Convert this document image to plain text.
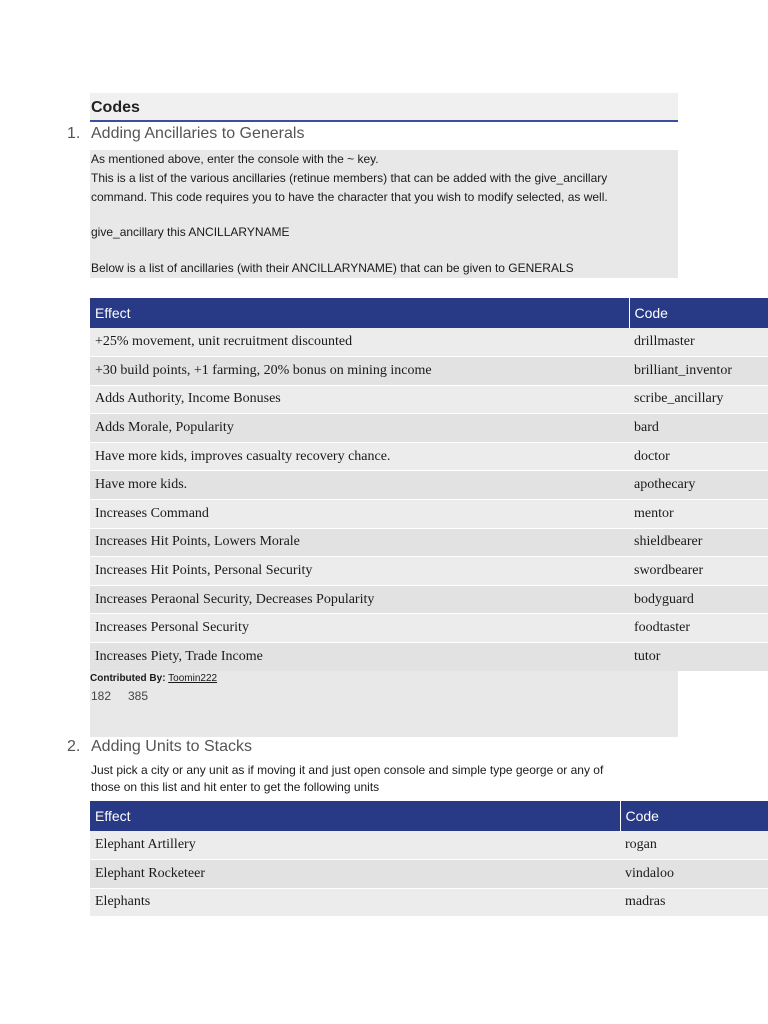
Codes
1. Adding Ancillaries to Generals
As mentioned above, enter the console with the ~ key.
This is a list of the various ancillaries (retinue members) that can be added with the give_ancillary
command. This code requires you to have the character that you wish to modify selected, as well.
give_ancillary this ANCILLARYNAME
Below is a list of ancillaries (with their ANCILLARYNAME) that can be given to GENERALS
Effect	Code
+25% movement, unit recruitment discounted	drillmaster
+30 build points, +1 farming, 20% bonus on mining income	brilliant_inventor
Adds Authority, Income Bonuses	scribe_ancillary
Adds Morale, Popularity	bard
Have more kids, improves casualty recovery chance.	doctor
Have more kids.	apothecary
Increases Command	mentor
Increases Hit Points, Lowers Morale	shieldbearer
Increases Hit Points, Personal Security	swordbearer
Increases Peraonal Security, Decreases Popularity	bodyguard
Increases Personal Security	foodtaster
Increases Piety, Trade Income	tutor
Contributed By: Toomin222
182 385
2. Adding Units to Stacks
Just pick a city or any unit as if moving it and just open console and simple type george or any of
those on this list and hit enter to get the following units
Effect	Code
Elephant Artillery	rogan
Elephant Rocketeer	vindaloo
Elephants	madras
